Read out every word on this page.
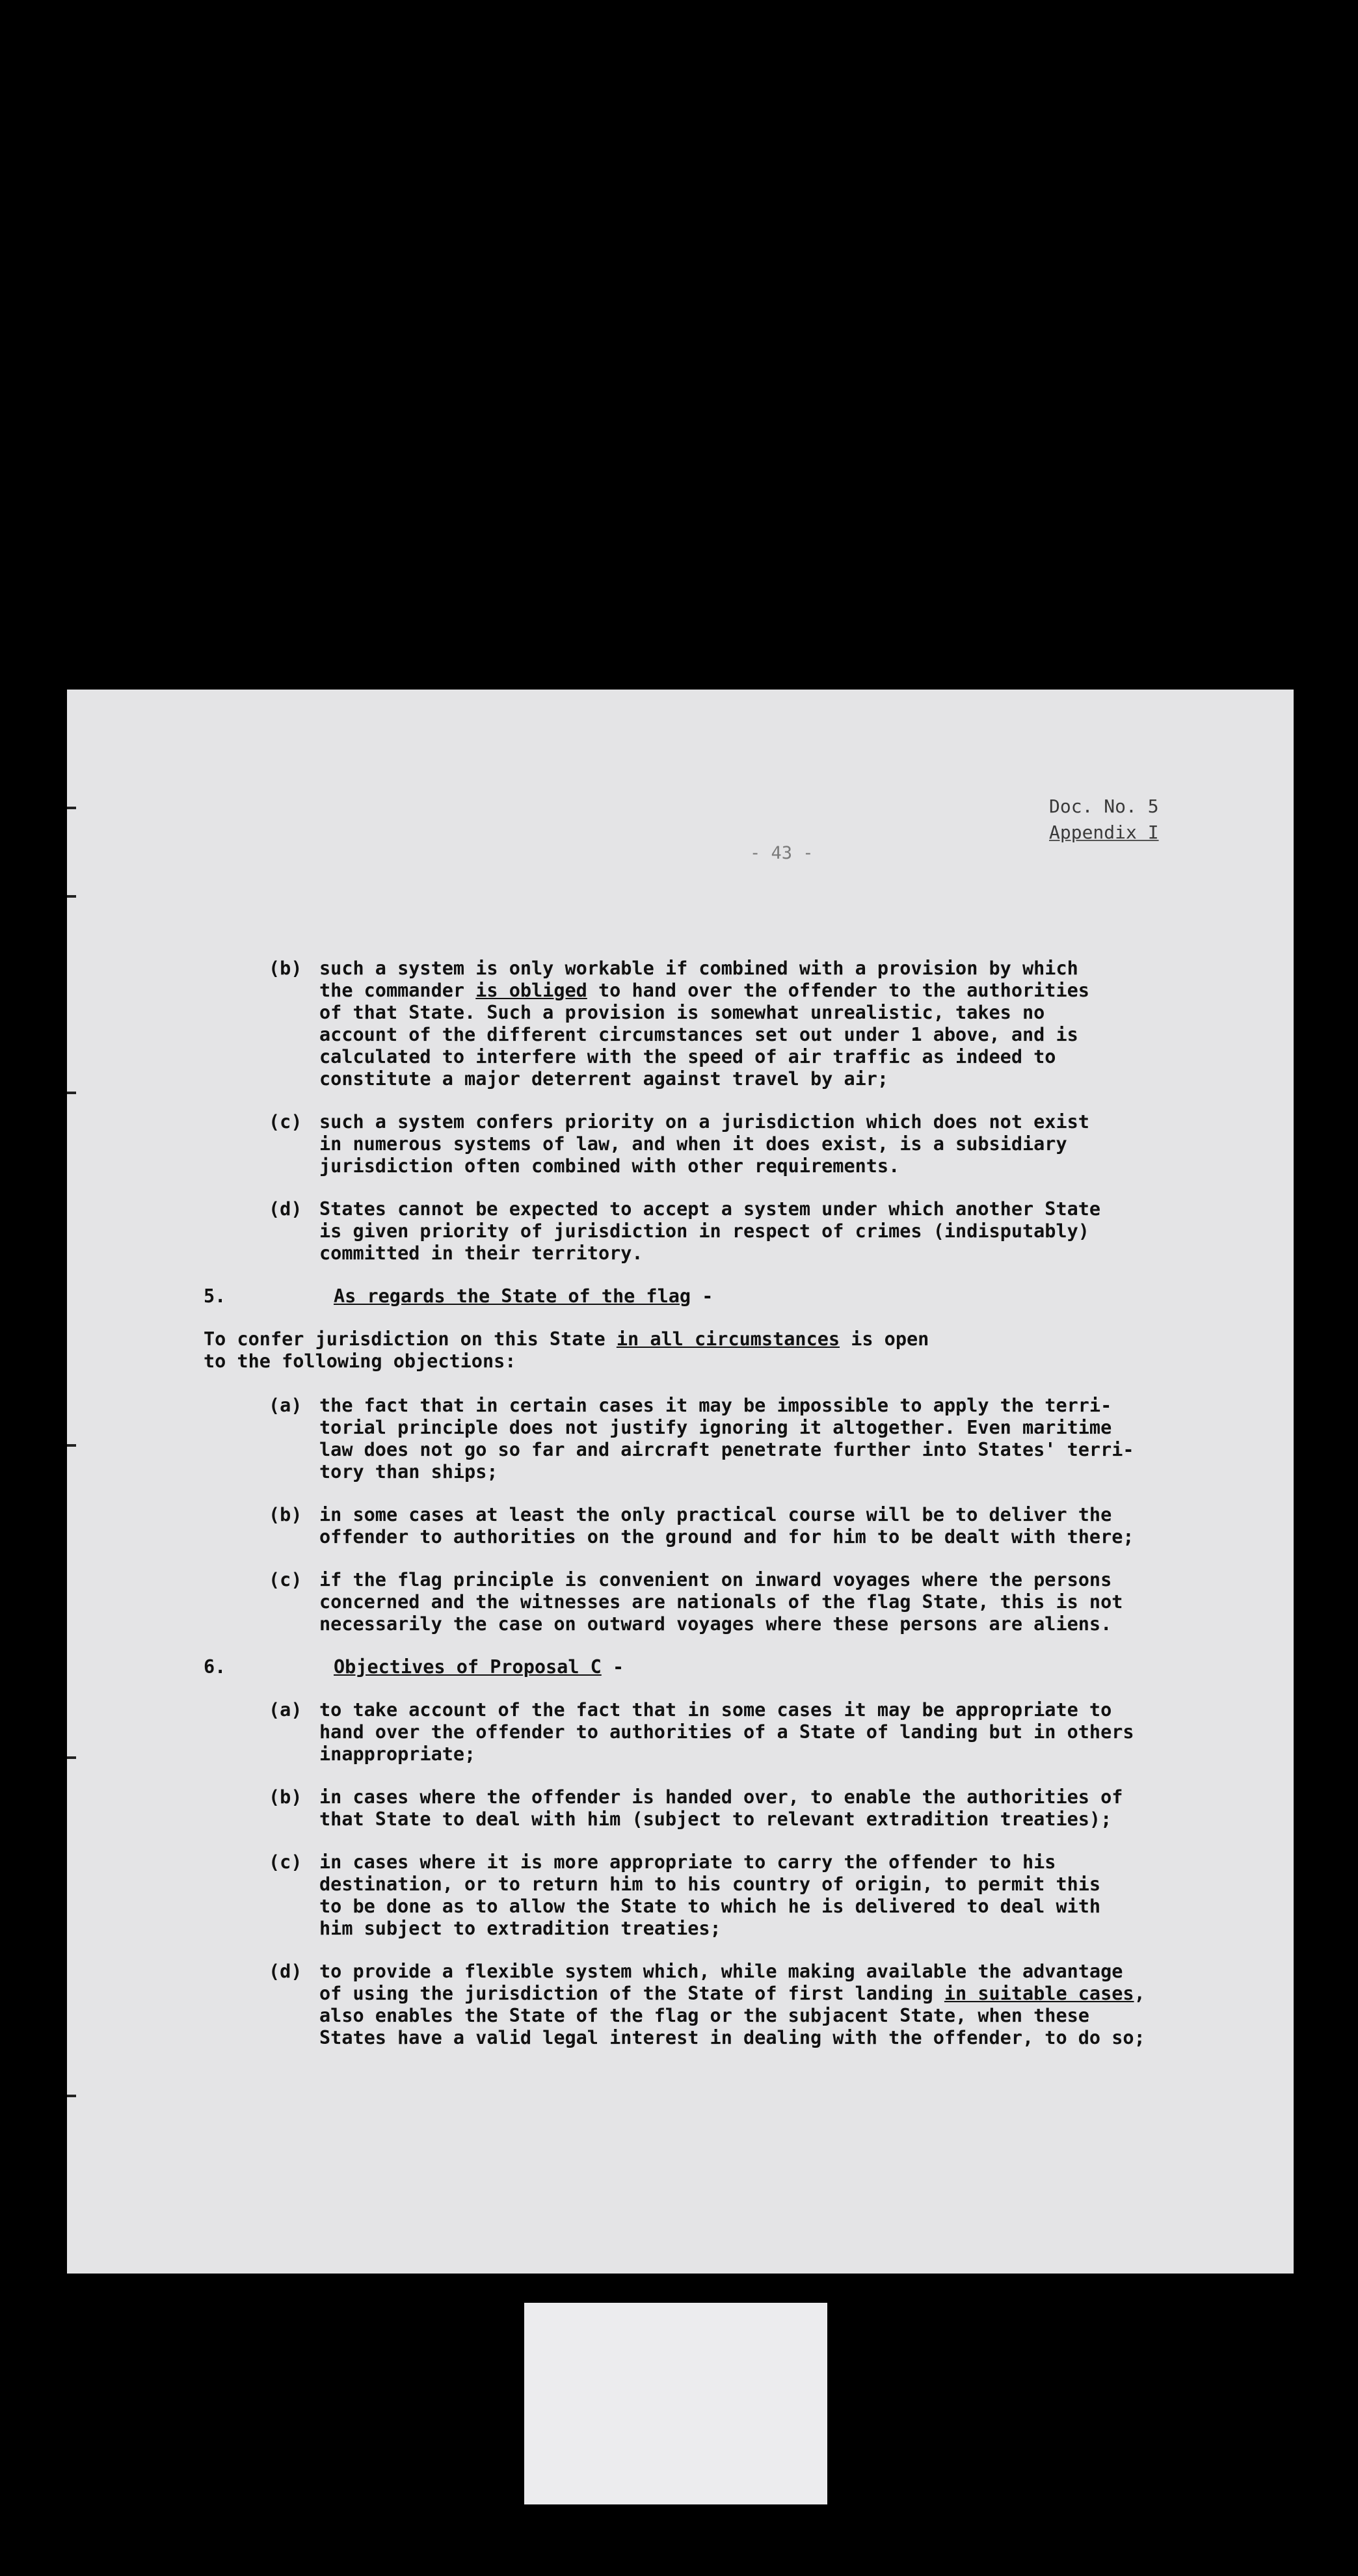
Doc. No. 5
Appendix I
- 43 -
(b) such a system is only workable if combined with a provision by which
the commander is obliged to hand over the offender to the authorities
of that State. Such a provision is somewhat unrealistic, takes no
account of the different circumstances set out under 1 above, and is
calculated to interfere with the speed of air traffic as indeed to
constitute a major deterrent against travel by air;
(c) such a system confers priority on a jurisdiction which does not exist
in numerous systems of law, and when it does exist, is a subsidiary
jurisdiction often combined with other requirements.
(d) States cannot be expected to accept a system under which another State
is given priority of jurisdiction in respect of crimes (indisputably)
committed in their territory.
5.	As regards the State of the flag -
To confer jurisdiction on this State in all circumstances is open
to the following objections:
(a) the fact that in certain cases it may be impossible to apply the terri-
torial principle does not justify ignoring it altogether. Even maritime
law does not go so far and aircraft penetrate further into States' terri-
tory than ships;
(b) in some cases at least the only practical course will be to deliver the
offender to authorities on the ground and for him to be dealt with there;
(c) if the flag principle is convenient on inward voyages where the persons
concerned and the witnesses are nationals of the flag State, this is not
necessarily the case on outward voyages where these persons are aliens.
6.	Objectives of Proposal C -
(a) to take account of the fact that in some cases it may be appropriate to
hand over the offender to authorities of a State of landing but in others
inappropriate;
(b) in cases where the offender is handed over, to enable the authorities of
that State to deal with him (subject to relevant extradition treaties);
(c) in cases where it is more appropriate to carry the offender to his
destination, or to return him to his country of origin, to permit this
to be done as to allow the State to which he is delivered to deal with
him subject to extradition treaties;
(d) to provide a flexible system which, while making available the advantage
of using the jurisdiction of the State of first landing in suitable cases,
also enables the State of the flag or the subjacent State, when these
States have a valid legal interest in dealing with the offender, to do so;
